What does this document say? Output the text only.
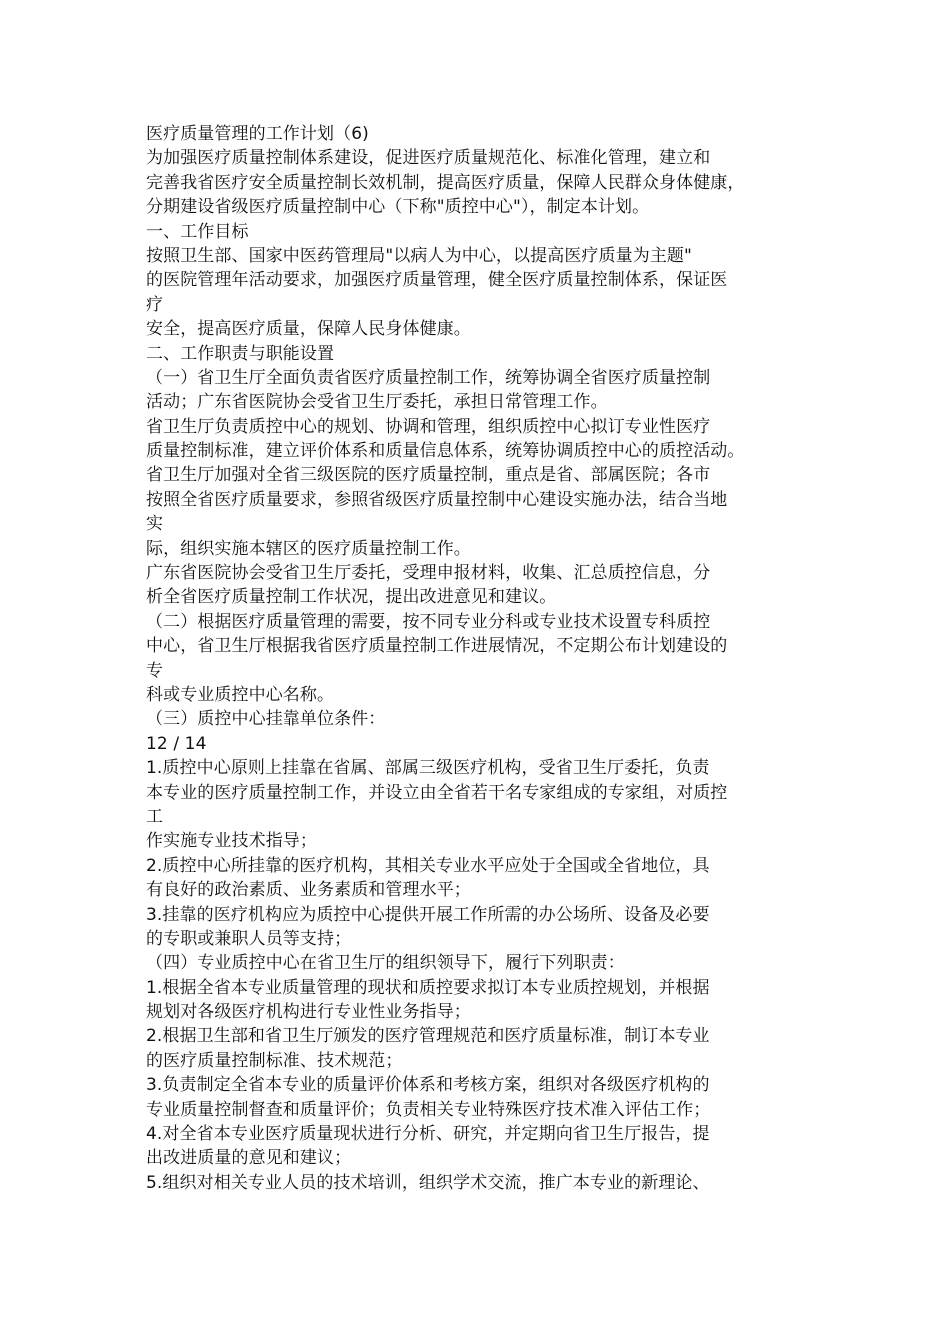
医疗质量管理的工作计划（6)
为加强医疗质量控制体系建设，促进医疗质量规范化、标准化管理，建立和
完善我省医疗安全质量控制长效机制，提高医疗质量，保障人民群众身体健康，
分期建设省级医疗质量控制中心（下称"质控中心"），制定本计划。
一、工作目标
按照卫生部、国家中医药管理局"以病人为中心，以提高医疗质量为主题"
的医院管理年活动要求，加强医疗质量管理，健全医疗质量控制体系，保证医
疗
安全，提高医疗质量，保障人民身体健康。
二、工作职责与职能设置
（一）省卫生厅全面负责省医疗质量控制工作，统筹协调全省医疗质量控制
活动；广东省医院协会受省卫生厅委托，承担日常管理工作。
省卫生厅负责质控中心的规划、协调和管理，组织质控中心拟订专业性医疗
质量控制标准，建立评价体系和质量信息体系，统筹协调质控中心的质控活动。
省卫生厅加强对全省三级医院的医疗质量控制，重点是省、部属医院；各市
按照全省医疗质量要求，参照省级医疗质量控制中心建设实施办法，结合当地
实
际，组织实施本辖区的医疗质量控制工作。
广东省医院协会受省卫生厅委托，受理申报材料，收集、汇总质控信息，分
析全省医疗质量控制工作状况，提出改进意见和建议。
（二）根据医疗质量管理的需要，按不同专业分科或专业技术设置专科质控
中心，省卫生厅根据我省医疗质量控制工作进展情况，不定期公布计划建设的
专
科或专业质控中心名称。
（三）质控中心挂靠单位条件：
12 / 14
1.质控中心原则上挂靠在省属、部属三级医疗机构，受省卫生厅委托，负责
本专业的医疗质量控制工作，并设立由全省若干名专家组成的专家组，对质控
工
作实施专业技术指导；
2.质控中心所挂靠的医疗机构，其相关专业水平应处于全国或全省地位，具
有良好的政治素质、业务素质和管理水平；
3.挂靠的医疗机构应为质控中心提供开展工作所需的办公场所、设备及必要
的专职或兼职人员等支持；
（四）专业质控中心在省卫生厅的组织领导下，履行下列职责：
1.根据全省本专业质量管理的现状和质控要求拟订本专业质控规划，并根据
规划对各级医疗机构进行专业性业务指导；
2.根据卫生部和省卫生厅颁发的医疗管理规范和医疗质量标准，制订本专业
的医疗质量控制标准、技术规范；
3.负责制定全省本专业的质量评价体系和考核方案，组织对各级医疗机构的
专业质量控制督查和质量评价；负责相关专业特殊医疗技术准入评估工作；
4.对全省本专业医疗质量现状进行分析、研究，并定期向省卫生厅报告，提
出改进质量的意见和建议；
5.组织对相关专业人员的技术培训，组织学术交流，推广本专业的新理论、
